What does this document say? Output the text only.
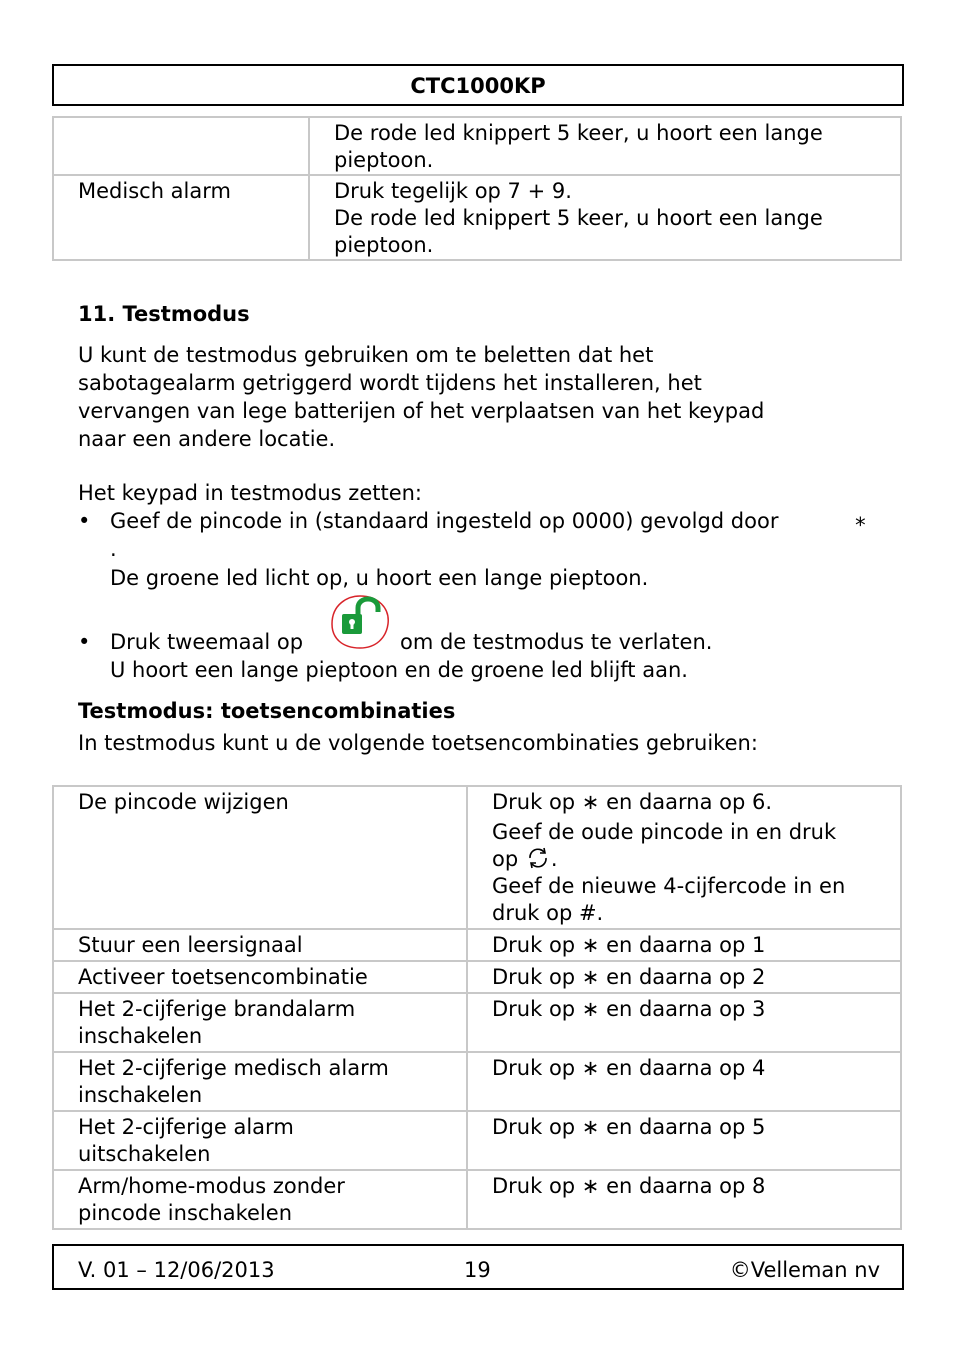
CTC1000KP

	De rode led knippert 5 keer, u hoort een lange
pieptoon.

Medisch alarm	Druk tegelijk op 7 + 9.
De rode led knippert 5 keer, u hoort een lange
pieptoon.
11. Testmodus
U kunt de testmodus gebruiken om te beletten dat het
sabotagealarm getriggerd wordt tijdens het installeren, het
vervangen van lege batterijen of het verplaatsen van het keypad
naar een andere locatie.
Het keypad in testmodus zetten:
• Geef de pincode in (standaard ingesteld op 0000) gevolgd door	∗
.
De groene led licht op, u hoort een lange pieptoon.
• Druk tweemaal op	om de testmodus te verlaten.
U hoort een lange pieptoon en de groene led blijft aan.
Testmodus: toetsencombinaties
In testmodus kunt u de volgende toetsencombinaties gebruiken:
De pincode wijzigen	Druk op ∗ en daarna op 6.
Geef de oude pincode in en druk
op .
Geef de nieuwe 4-cijfercode in en
druk op #.

Stuur een leersignaal	Druk op ∗ en daarna op 1
Activeer toetsencombinatie	Druk op ∗ en daarna op 2

Het 2-cijferige brandalarm
inschakelen	Druk op ∗ en daarna op 3

Het 2-cijferige medisch alarm
inschakelen	Druk op ∗ en daarna op 4

Het 2-cijferige alarm
uitschakelen	Druk op ∗ en daarna op 5

Arm/home-modus zonder
pincode inschakelen	Druk op ∗ en daarna op 8
V. 01 – 12/06/2013	19	©Velleman nv
